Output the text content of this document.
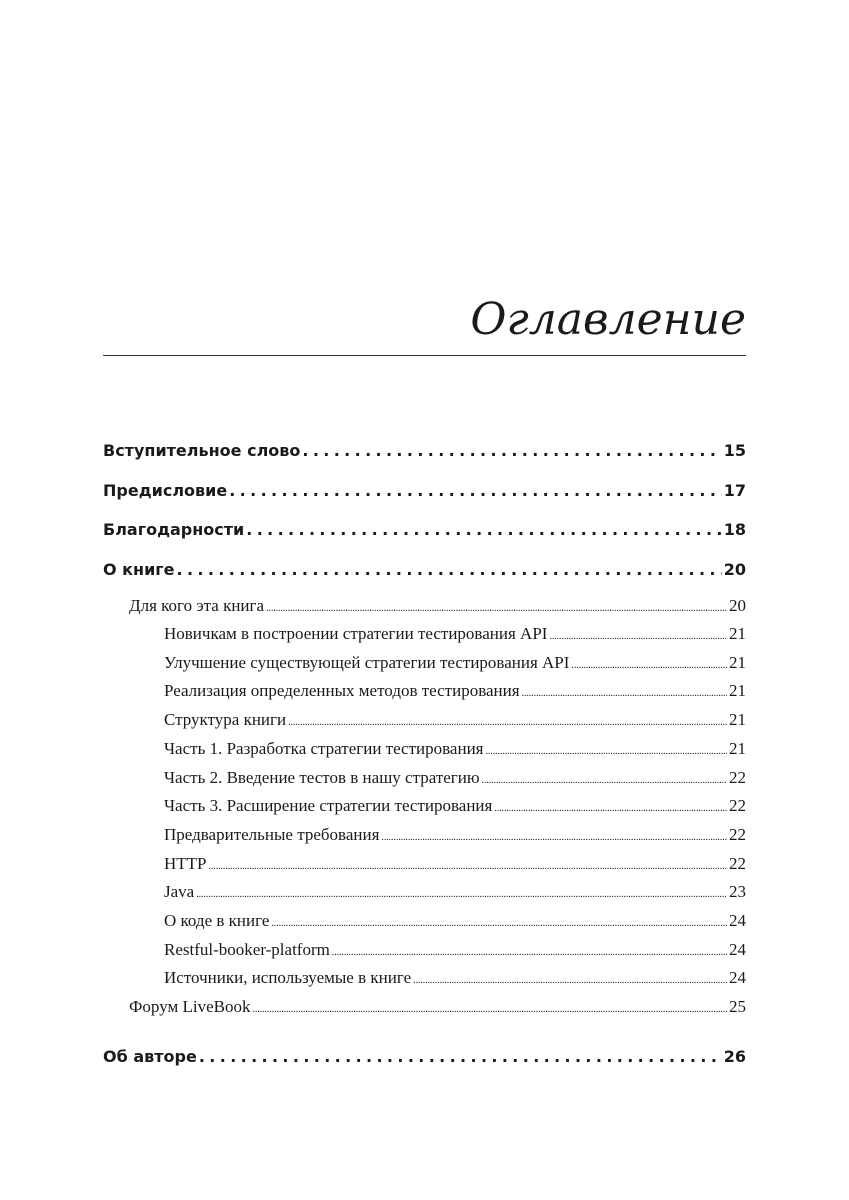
Оглавление
Вступительное слово . . .	15
Предисловие . . .	17
Благодарности . . .	18
О книге . . .	20
Для кого эта книга . . .	20
Новичкам в построении стратегии тестирования API . . .	21
Улучшение существующей стратегии тестирования API . . .	21
Реализация определенных методов тестирования . . .	21
Структура книги . . .	21
Часть 1. Разработка стратегии тестирования . . .	21
Часть 2. Введение тестов в нашу стратегию . . .	22
Часть 3. Расширение стратегии тестирования . . .	22
Предварительные требования . . .	22
HTTP . . .	22
Java . . .	23
О коде в книге . . .	24
Restful-booker-platform . . .	24
Источники, используемые в книге . . .	24
Форум LiveBook . . .	25
Об авторе . . .	26
